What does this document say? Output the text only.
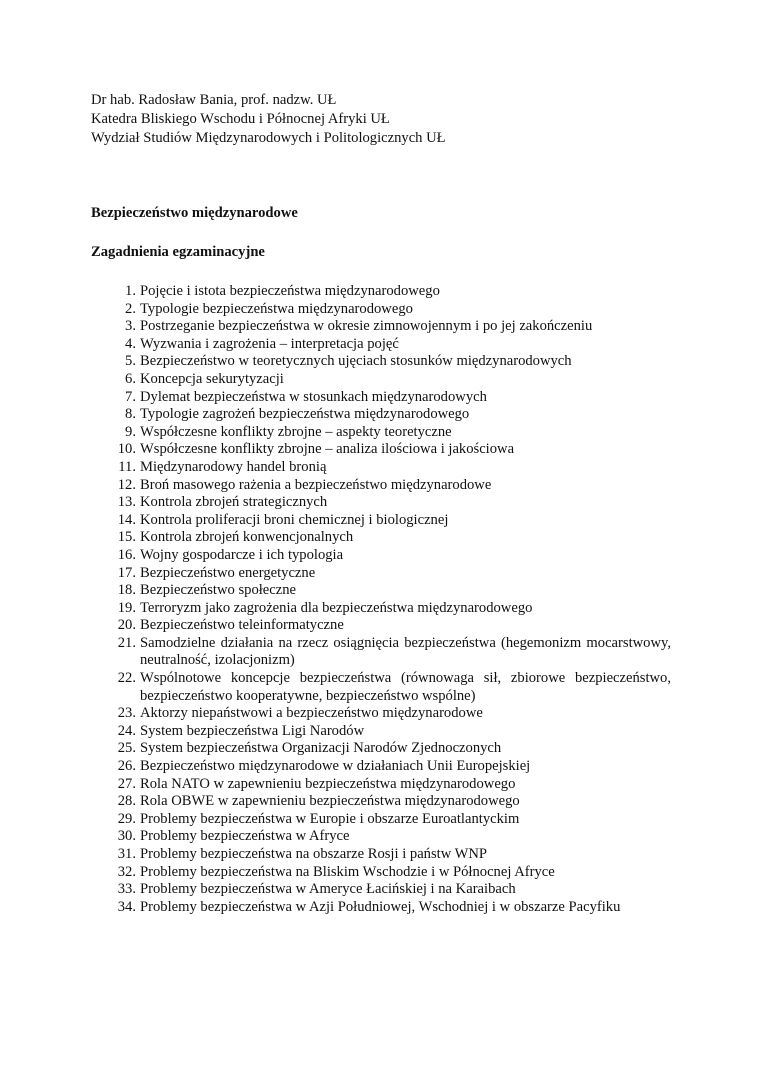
Dr hab. Radosław Bania, prof. nadzw. UŁ
Katedra Bliskiego Wschodu i Północnej Afryki UŁ
Wydział Studiów Międzynarodowych i Politologicznych UŁ
Bezpieczeństwo międzynarodowe
Zagadnienia egzaminacyjne
1. Pojęcie i istota bezpieczeństwa międzynarodowego
2. Typologie bezpieczeństwa międzynarodowego
3. Postrzeganie bezpieczeństwa w okresie zimnowojennym i po jej zakończeniu
4. Wyzwania i zagrożenia – interpretacja pojęć
5. Bezpieczeństwo w teoretycznych ujęciach stosunków międzynarodowych
6. Koncepcja sekurytyzacji
7. Dylemat bezpieczeństwa w stosunkach międzynarodowych
8. Typologie zagrożeń bezpieczeństwa międzynarodowego
9. Współczesne konflikty zbrojne – aspekty teoretyczne
10. Współczesne konflikty zbrojne – analiza ilościowa i jakościowa
11. Międzynarodowy handel bronią
12. Broń masowego rażenia a bezpieczeństwo międzynarodowe
13. Kontrola zbrojeń strategicznych
14. Kontrola proliferacji broni chemicznej i biologicznej
15. Kontrola zbrojeń konwencjonalnych
16. Wojny gospodarcze i ich typologia
17. Bezpieczeństwo energetyczne
18. Bezpieczeństwo społeczne
19. Terroryzm jako zagrożenia dla bezpieczeństwa międzynarodowego
20. Bezpieczeństwo teleinformatyczne
21. Samodzielne działania na rzecz osiągnięcia bezpieczeństwa (hegemonizm mocarstwowy, neutralność, izolacjonizm)
22. Wspólnotowe koncepcje bezpieczeństwa (równowaga sił, zbiorowe bezpieczeństwo, bezpieczeństwo kooperatywne, bezpieczeństwo wspólne)
23. Aktorzy niepaństwowi a bezpieczeństwo międzynarodowe
24. System bezpieczeństwa Ligi Narodów
25. System bezpieczeństwa Organizacji Narodów Zjednoczonych
26. Bezpieczeństwo międzynarodowe w działaniach Unii Europejskiej
27. Rola NATO w zapewnieniu bezpieczeństwa międzynarodowego
28. Rola OBWE w zapewnieniu bezpieczeństwa międzynarodowego
29. Problemy bezpieczeństwa w Europie i obszarze Euroatlantyckim
30. Problemy bezpieczeństwa w Afryce
31. Problemy bezpieczeństwa na obszarze Rosji i państw WNP
32. Problemy bezpieczeństwa na Bliskim Wschodzie i w Północnej Afryce
33. Problemy bezpieczeństwa w Ameryce Łacińskiej i na Karaibach
34. Problemy bezpieczeństwa w Azji Południowej, Wschodniej i w obszarze Pacyfiku
